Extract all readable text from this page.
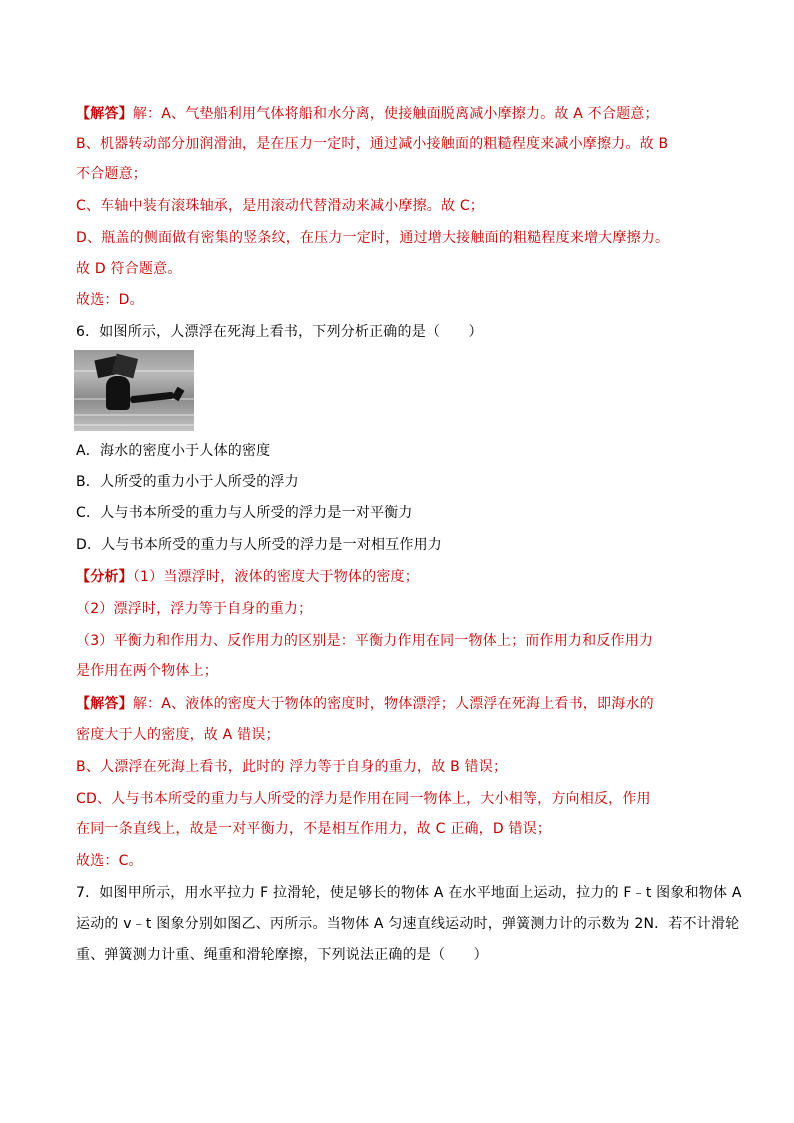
【解答】解：A、气垫船利用气体将船和水分离，使接触面脱离减小摩擦力。故 A 不合题意；
B、机器转动部分加润滑油，是在压力一定时，通过减小接触面的粗糙程度来减小摩擦力。故 B
不合题意；
C、车轴中装有滚珠轴承，是用滚动代替滑动来减小摩擦。故 C；
D、瓶盖的侧面做有密集的竖条纹，在压力一定时，通过增大接触面的粗糙程度来增大摩擦力。
故 D 符合题意。
故选：D。
6．如图所示，人漂浮在死海上看书，下列分析正确的是（　　）
A．海水的密度小于人体的密度
B．人所受的重力小于人所受的浮力
C．人与书本所受的重力与人所受的浮力是一对平衡力
D．人与书本所受的重力与人所受的浮力是一对相互作用力
【分析】（1）当漂浮时，液体的密度大于物体的密度；
（2）漂浮时，浮力等于自身的重力；
（3）平衡力和作用力、反作用力的区别是：平衡力作用在同一物体上；而作用力和反作用力
是作用在两个物体上；
【解答】解：A、液体的密度大于物体的密度时，物体漂浮；人漂浮在死海上看书，即海水的
密度大于人的密度，故 A 错误；
B、人漂浮在死海上看书，此时的 浮力等于自身的重力，故 B 错误；
CD、人与书本所受的重力与人所受的浮力是作用在同一物体上，大小相等，方向相反，作用
在同一条直线上，故是一对平衡力，不是相互作用力，故 C 正确，D 错误；
故选：C。
7．如图甲所示，用水平拉力 F 拉滑轮，使足够长的物体 A 在水平地面上运动，拉力的 F﹣t 图象和物体 A
运动的 v﹣t 图象分别如图乙、丙所示。当物体 A 匀速直线运动时，弹簧测力计的示数为 2N．若不计滑轮
重、弹簧测力计重、绳重和滑轮摩擦，下列说法正确的是（　　）
